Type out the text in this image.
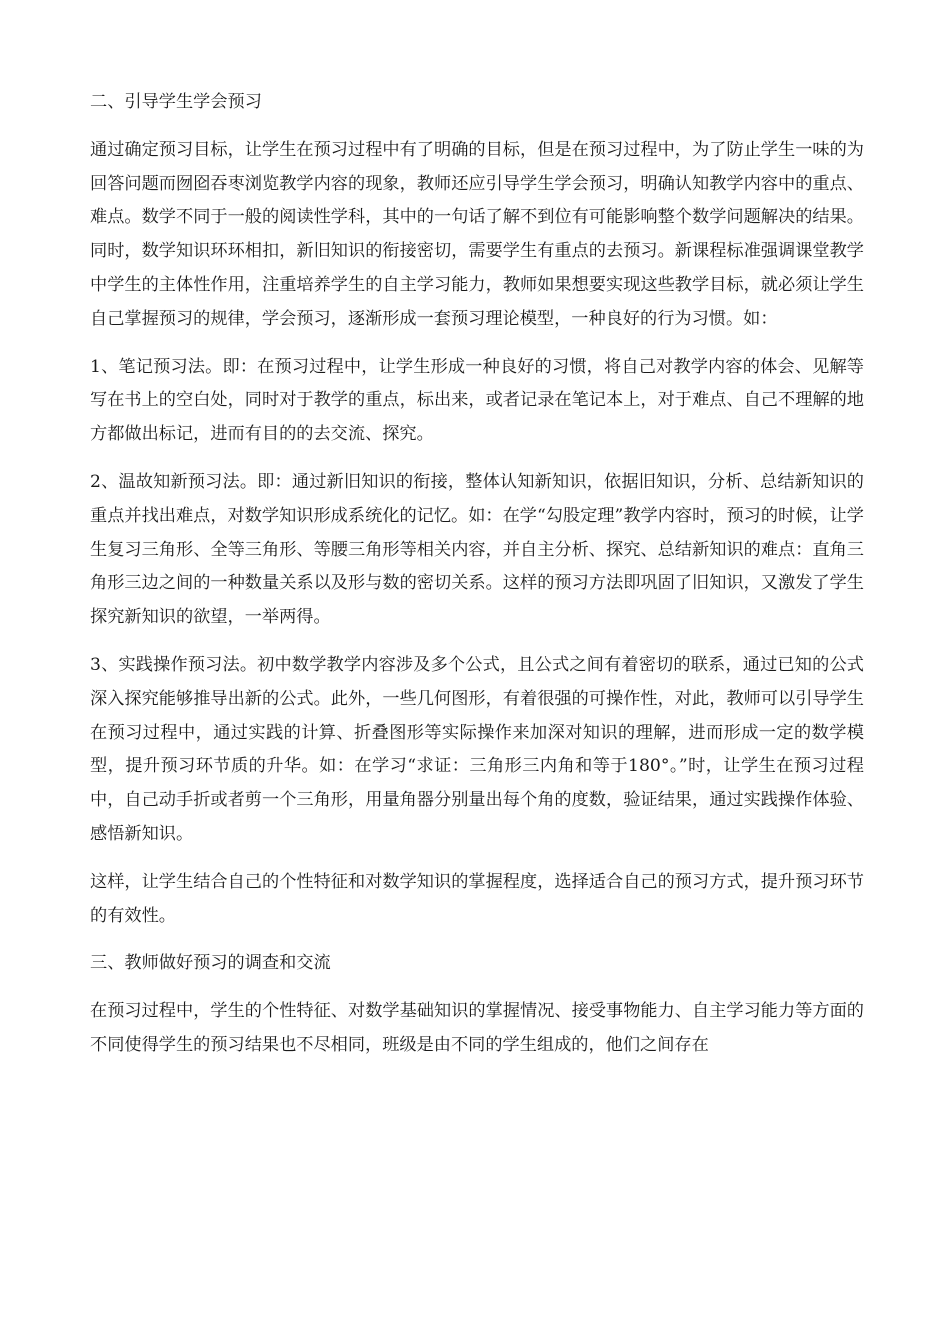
二、引导学生学会预习

通过确定预习目标，让学生在预习过程中有了明确的目标，但是在预习过程中，为了防止学生一味的为回答问题而囫囵吞枣浏览教学内容的现象，教师还应引导学生学会预习，明确认知教学内容中的重点、难点。数学不同于一般的阅读性学科，其中的一句话了解不到位有可能影响整个数学问题解决的结果。同时，数学知识环环相扣，新旧知识的衔接密切，需要学生有重点的去预习。新课程标准强调课堂教学中学生的主体性作用，注重培养学生的自主学习能力，教师如果想要实现这些教学目标，就必须让学生自己掌握预习的规律，学会预习，逐渐形成一套预习理论模型，一种良好的行为习惯。如：

1、笔记预习法。即：在预习过程中，让学生形成一种良好的习惯，将自己对教学内容的体会、见解等写在书上的空白处，同时对于教学的重点，标出来，或者记录在笔记本上，对于难点、自己不理解的地方都做出标记，进而有目的的去交流、探究。

2、温故知新预习法。即：通过新旧知识的衔接，整体认知新知识，依据旧知识，分析、总结新知识的重点并找出难点，对数学知识形成系统化的记忆。如：在学“勾股定理”教学内容时，预习的时候，让学生复习三角形、全等三角形、等腰三角形等相关内容，并自主分析、探究、总结新知识的难点：直角三角形三边之间的一种数量关系以及形与数的密切关系。这样的预习方法即巩固了旧知识，又激发了学生探究新知识的欲望，一举两得。

3、实践操作预习法。初中数学教学内容涉及多个公式，且公式之间有着密切的联系，通过已知的公式深入探究能够推导出新的公式。此外，一些几何图形，有着很强的可操作性，对此，教师可以引导学生在预习过程中，通过实践的计算、折叠图形等实际操作来加深对知识的理解，进而形成一定的数学模型，提升预习环节质的升华。如：在学习“求证：三角形三内角和等于180°。”时，让学生在预习过程中，自己动手折或者剪一个三角形，用量角器分别量出每个角的度数，验证结果，通过实践操作体验、感悟新知识。

这样，让学生结合自己的个性特征和对数学知识的掌握程度，选择适合自己的预习方式，提升预习环节的有效性。

三、教师做好预习的调查和交流

在预习过程中，学生的个性特征、对数学基础知识的掌握情况、接受事物能力、自主学习能力等方面的不同使得学生的预习结果也不尽相同，班级是由不同的学生组成的，他们之间存在
